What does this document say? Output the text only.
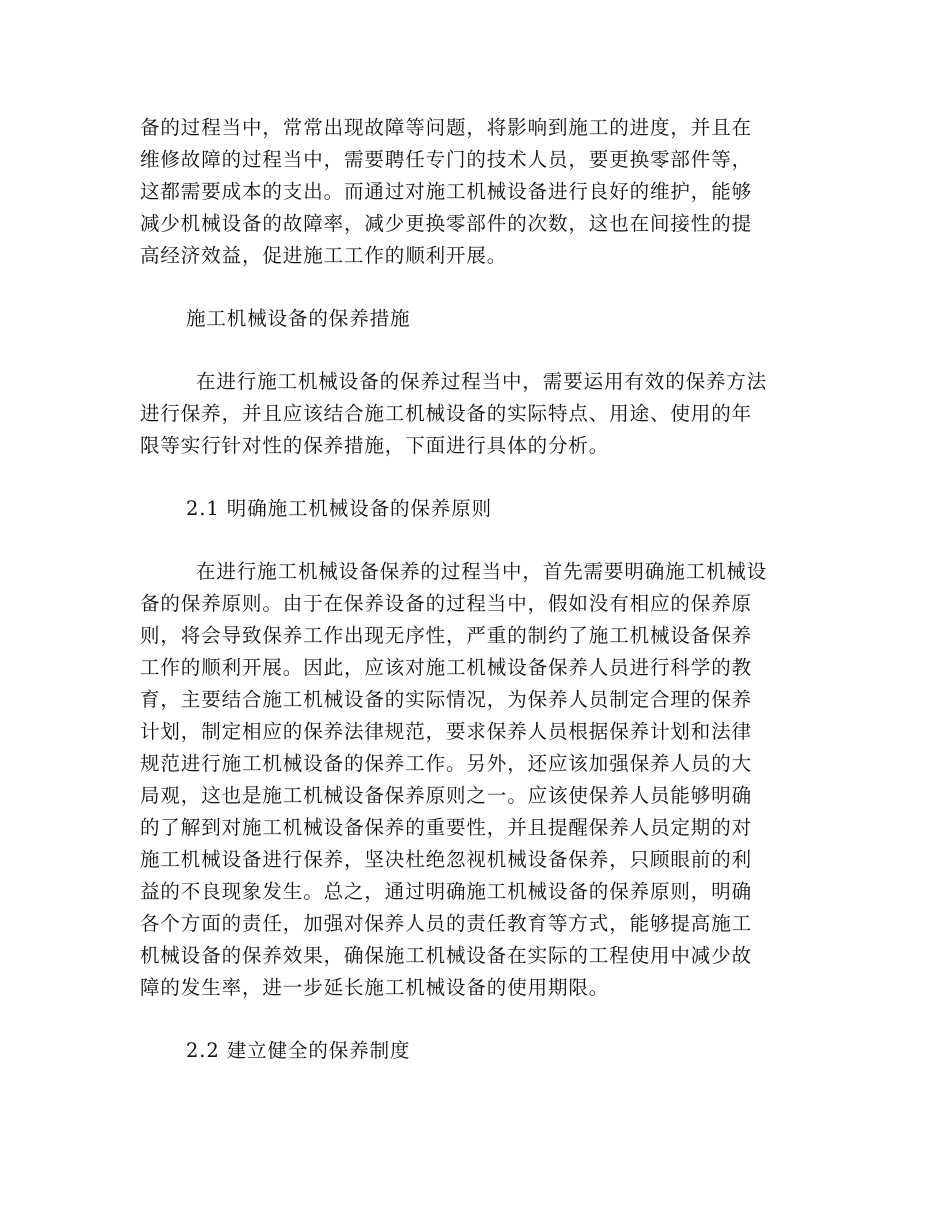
备的过程当中，常常出现故障等问题，将影响到施工的进度，并且在
维修故障的过程当中，需要聘任专门的技术人员，要更换零部件等，
这都需要成本的支出。而通过对施工机械设备进行良好的维护，能够
减少机械设备的故障率，减少更换零部件的次数，这也在间接性的提
高经济效益，促进施工工作的顺利开展。
施工机械设备的保养措施
在进行施工机械设备的保养过程当中，需要运用有效的保养方法
进行保养，并且应该结合施工机械设备的实际特点、用途、使用的年
限等实行针对性的保养措施，下面进行具体的分析。
2.1 明确施工机械设备的保养原则
在进行施工机械设备保养的过程当中，首先需要明确施工机械设
备的保养原则。由于在保养设备的过程当中，假如没有相应的保养原
则，将会导致保养工作出现无序性，严重的制约了施工机械设备保养
工作的顺利开展。因此，应该对施工机械设备保养人员进行科学的教
育，主要结合施工机械设备的实际情况，为保养人员制定合理的保养
计划，制定相应的保养法律规范，要求保养人员根据保养计划和法律
规范进行施工机械设备的保养工作。另外，还应该加强保养人员的大
局观，这也是施工机械设备保养原则之一。应该使保养人员能够明确
的了解到对施工机械设备保养的重要性，并且提醒保养人员定期的对
施工机械设备进行保养，坚决杜绝忽视机械设备保养，只顾眼前的利
益的不良现象发生。总之，通过明确施工机械设备的保养原则，明确
各个方面的责任，加强对保养人员的责任教育等方式，能够提高施工
机械设备的保养效果，确保施工机械设备在实际的工程使用中减少故
障的发生率，进一步延长施工机械设备的使用期限。
2.2 建立健全的保养制度
